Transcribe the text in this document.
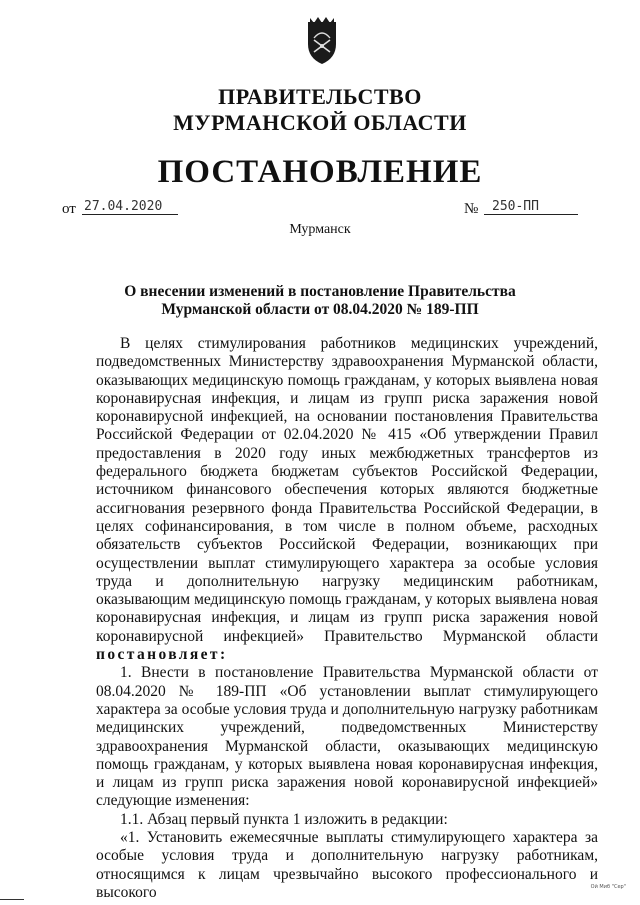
ПРАВИТЕЛЬСТВО
МУРМАНСКОЙ ОБЛАСТИ
ПОСТАНОВЛЕНИЕ
от 27.04.2020	№	250-ПП
Мурманск
О внесении изменений в постановление Правительства
Мурманской области от 08.04.2020 № 189-ПП

В целях стимулирования работников медицинских учреждений, подведомственных Министерству здравоохранения Мурманской области, оказывающих медицинскую помощь гражданам, у которых выявлена новая коронавирусная инфекция, и лицам из групп риска заражения новой коронавирусной инфекцией, на основании постановления Правительства Российской Федерации от 02.04.2020 № 415 «Об утверждении Правил предоставления в 2020 году иных межбюджетных трансфертов из федерального бюджета бюджетам субъектов Российской Федерации, источником финансового обеспечения которых являются бюджетные ассигнования резервного фонда Правительства Российской Федерации, в целях софинансирования, в том числе в полном объеме, расходных обязательств субъектов Российской Федерации, возникающих при осуществлении выплат стимулирующего характера за особые условия труда и дополнительную нагрузку медицинским работникам, оказывающим медицинскую помощь гражданам, у которых выявлена новая коронавирусная инфекция, и лицам из групп риска заражения новой коронавирусной инфекцией» Правительство Мурманской области постановляет:

1. Внести в постановление Правительства Мурманской области от 08.04.2020 № 189-ПП «Об установлении выплат стимулирующего характера за особые условия труда и дополнительную нагрузку работникам медицинских учреждений, подведомственных Министерству здравоохранения Мурманской области, оказывающих медицинскую помощь гражданам, у которых выявлена новая коронавирусная инфекция, и лицам из групп риска заражения новой коронавирусной инфекцией» следующие изменения:

1.1. Абзац первый пункта 1 изложить в редакции:

«1. Установить ежемесячные выплаты стимулирующего характера за особые условия труда и дополнительную нагрузку работникам, относящимся к лицам чрезвычайно высокого профессионального и высокого	Ой Миб "Сер"
